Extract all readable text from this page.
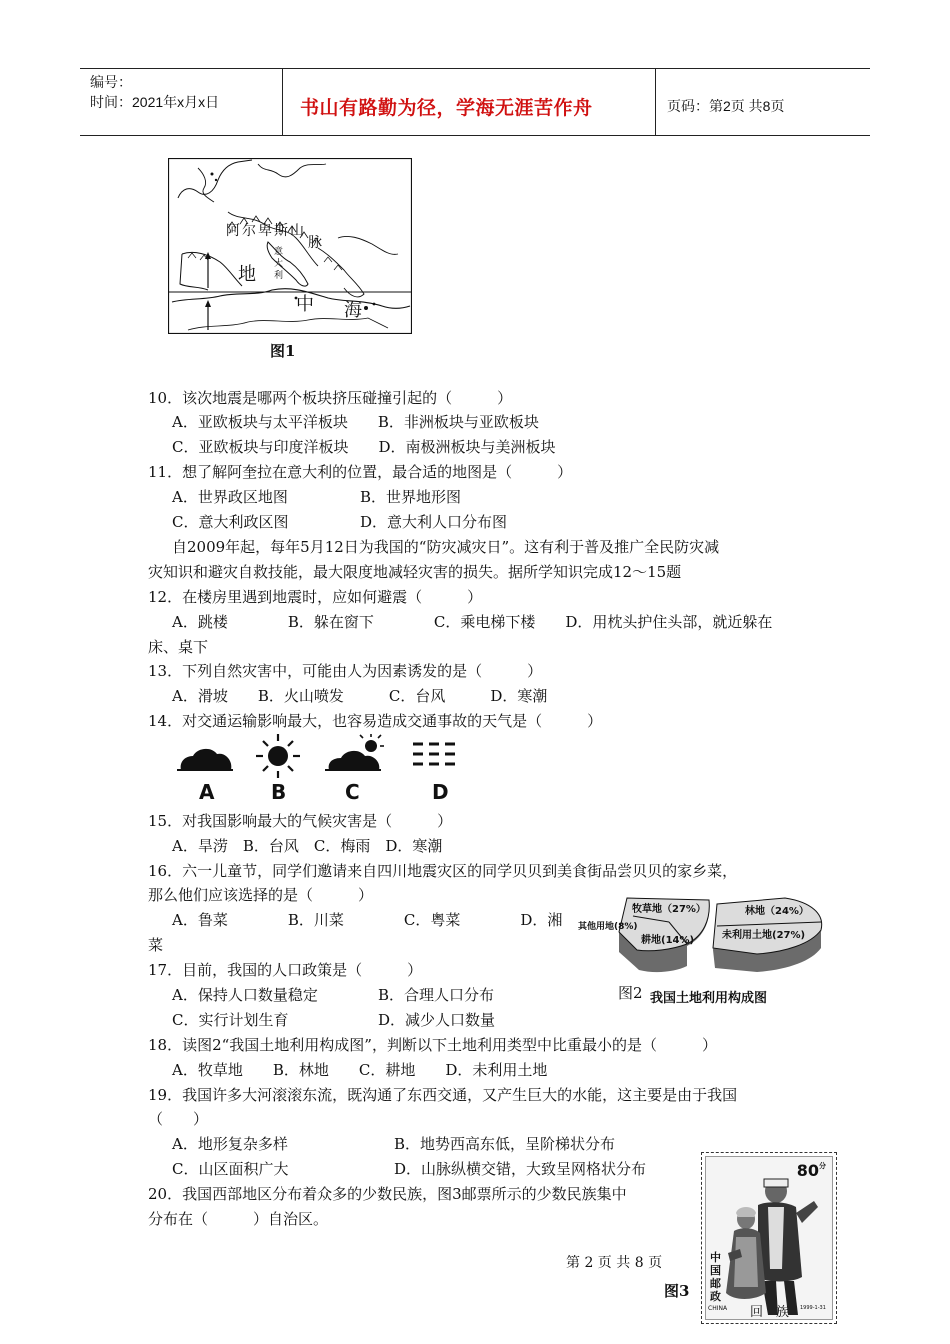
编号：
时间：2021年x月x日	书山有路勤为径，学海无涯苦作舟	页码：第2页 共8页
阿尔卑斯山
脉
意大利
地
中 海
图1
10．该次地震是哪两个板块挤压碰撞引起的（　　　）
A．亚欧板块与太平洋板块　　B．非洲板块与亚欧板块
C．亚欧板块与印度洋板块　　D．南极洲板块与美洲板块
11．想了解阿奎拉在意大利的位置，最合适的地图是（　　　）
A．世界政区地图	B．世界地形图
C．意大利政区图	D．意大利人口分布图
自2009年起，每年5月12日为我国的“防灾减灾日”。这有利于普及推广全民防灾减
灾知识和避灾自救技能，最大限度地减轻灾害的损失。据所学知识完成12～15题
12．在楼房里遇到地震时，应如何避震（　　　）
A．跳楼　　　　B．躲在窗下　　　　C．乘电梯下楼　　D．用枕头护住头部，就近躲在
床、桌下
13．下列自然灾害中，可能由人为因素诱发的是（　　　）
A．滑坡　　B．火山喷发　　　C．台风　　　D．寒潮
14．对交通运输影响最大，也容易造成交通事故的天气是（　　　）
A	B	C	D
15．对我国影响最大的气候灾害是（　　　）
A．旱涝　B．台风　C．梅雨　D．寒潮
16．六一儿童节，同学们邀请来自四川地震灾区的同学贝贝到美食街品尝贝贝的家乡菜，
那么他们应该选择的是（　　　）
A．鲁菜　　　　B．川菜　　　　C．粤菜　　　　D．湘
菜
17．目前，我国的人口政策是（　　　）
A．保持人口数量稳定	B．合理人口分布
C．实行计划生育	D．减少人口数量
18．读图2“我国土地利用构成图”，判断以下土地利用类型中比重最小的是（　　　）
A．牧草地　　B．林地　　C．耕地　　D．未利用土地
19．我国许多大河滚滚东流，既沟通了东西交通，又产生巨大的水能，这主要是由于我国
（　　）
A．地形复杂多样	B．地势西高东低，呈阶梯状分布
C．山区面积广大	D．山脉纵横交错，大致呈网格状分布
20．我国西部地区分布着众多的少数民族，图3邮票所示的少数民族集中
分布在（　　　）自治区。
牧草地（27%）	林地（24%）
其他用地(8%)
耕地(14%)	未利用土地(27%)
图2 我国土地利用构成图
$80^分$
中国邮政
CHINA 回　族 1999-1-31
图3
第 2 页 共 8 页
